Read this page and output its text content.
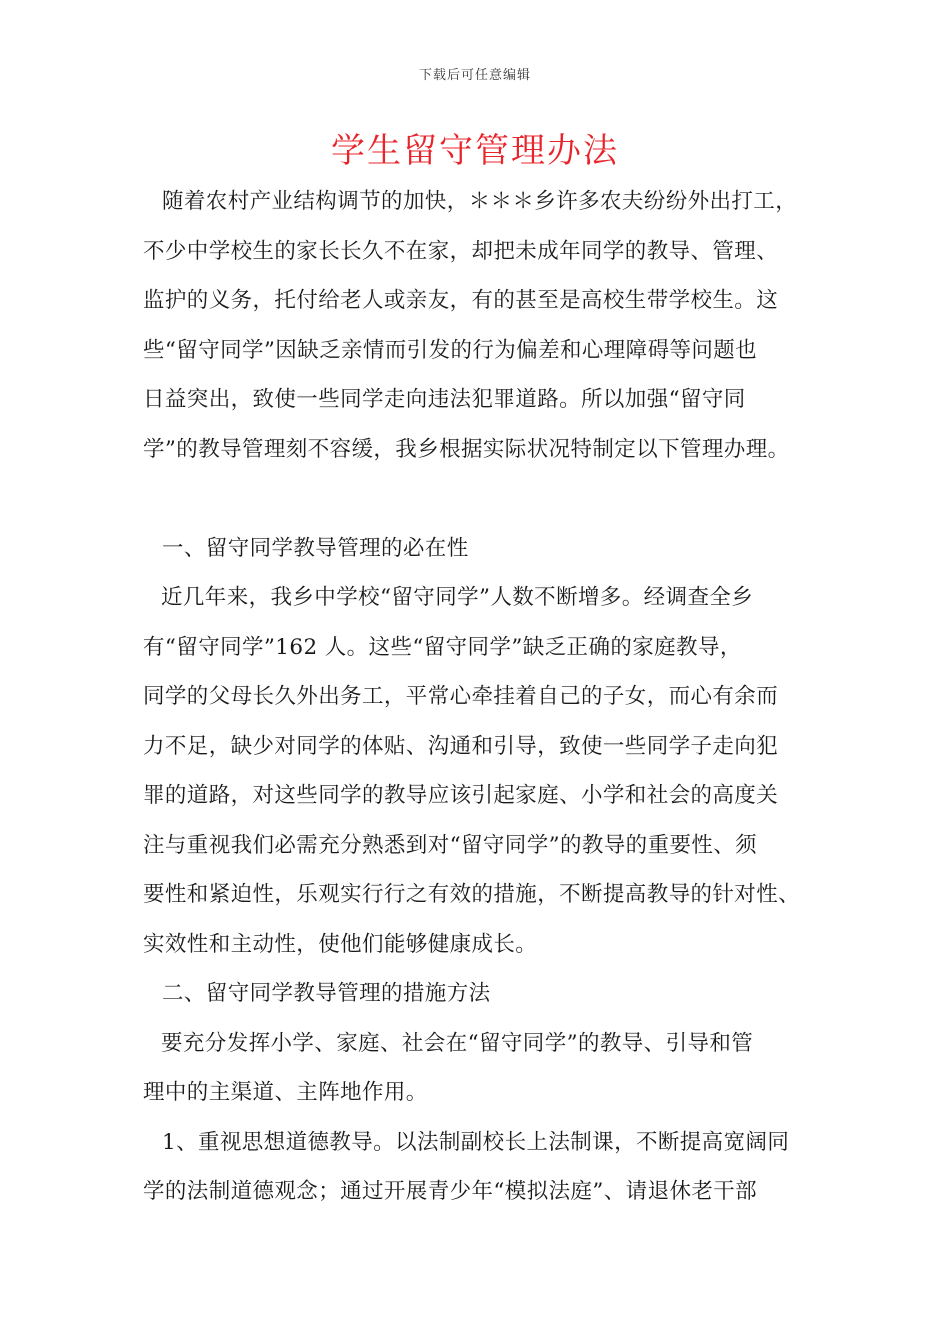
下载后可任意编辑
学生留守管理办法
随着农村产业结构调节的加快，＊＊＊乡许多农夫纷纷外出打工，
不少中学校生的家长长久不在家，却把未成年同学的教导、管理、
监护的义务，托付给老人或亲友，有的甚至是高校生带学校生。这
些“留守同学”因缺乏亲情而引发的行为偏差和心理障碍等问题也
日益突出，致使一些同学走向违法犯罪道路。所以加强“留守同
学”的教导管理刻不容缓，我乡根据实际状况特制定以下管理办理。
一、留守同学教导管理的必在性
近几年来，我乡中学校“留守同学”人数不断增多。经调查全乡
有“留守同学”162 人。这些“留守同学”缺乏正确的家庭教导，
同学的父母长久外出务工，平常心牵挂着自己的子女，而心有余而
力不足，缺少对同学的体贴、沟通和引导，致使一些同学子走向犯
罪的道路，对这些同学的教导应该引起家庭、小学和社会的高度关
注与重视我们必需充分熟悉到对“留守同学”的教导的重要性、须
要性和紧迫性，乐观实行行之有效的措施，不断提高教导的针对性、
实效性和主动性，使他们能够健康成长。
二、留守同学教导管理的措施方法
要充分发挥小学、家庭、社会在“留守同学”的教导、引导和管
理中的主渠道、主阵地作用。
1、重视思想道德教导。以法制副校长上法制课，不断提高宽阔同
学的法制道德观念；通过开展青少年“模拟法庭”、请退休老干部
